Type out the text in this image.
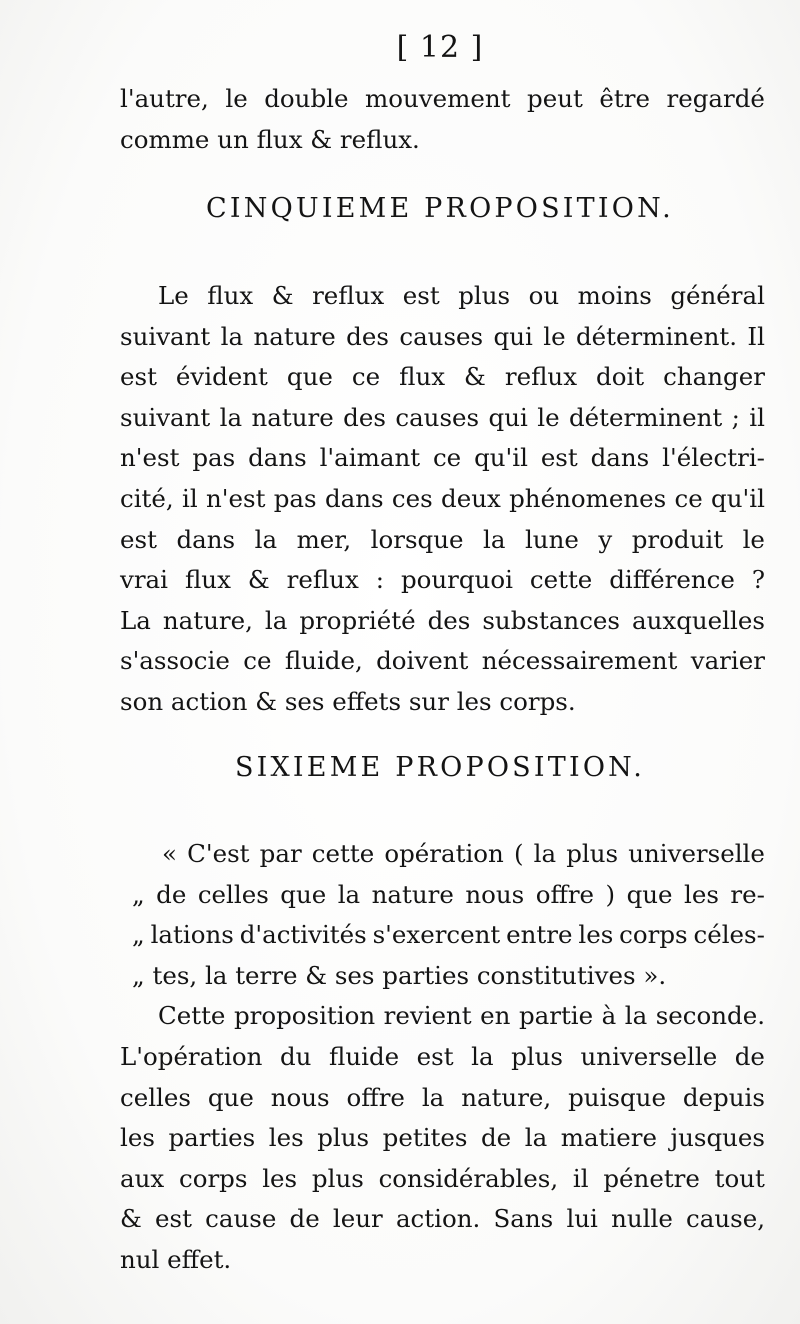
[ 12 ]
l'autre, le double mouvement peut être regardé
comme un flux & reflux.
CINQUIEME PROPOSITION.
Le flux & reflux est plus ou moins général
suivant la nature des causes qui le déterminent. Il
est évident que ce flux & reflux doit changer
suivant la nature des causes qui le déterminent ; il
n'est pas dans l'aimant ce qu'il est dans l'électri-
cité, il n'est pas dans ces deux phénomenes ce qu'il
est dans la mer, lorsque la lune y produit le
vrai flux & reflux : pourquoi cette différence ?
La nature, la propriété des substances auxquelles
s'associe ce fluide, doivent nécessairement varier
son action & ses effets sur les corps.
SIXIEME PROPOSITION.
« C'est par cette opération ( la plus universelle
„ de celles que la nature nous offre ) que les re-
„ lations d'activités s'exercent entre les corps céles-
„ tes, la terre & ses parties constitutives ».
Cette proposition revient en partie à la seconde.
L'opération du fluide est la plus universelle de
celles que nous offre la nature, puisque depuis
les parties les plus petites de la matiere jusques
aux corps les plus considérables, il pénetre tout
& est cause de leur action. Sans lui nulle cause,
nul effet.
